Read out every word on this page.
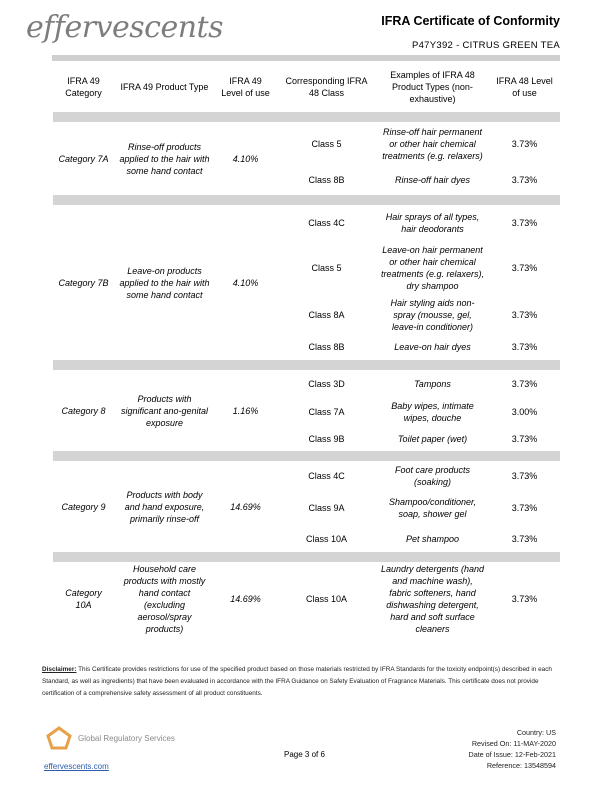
effervescents	IFRA Certificate of Conformity
P47Y392 - CITRUS GREEN TEA
IFRA 49 Category	IFRA 49 Product Type	IFRA 49 Level of use	Corresponding IFRA 48 Class	Examples of IFRA 48 Product Types (non-exhaustive)	IFRA 48 Level of use

Category 7A	Rinse-off products applied to the hair with some hand contact	4.10%	Class 5	Rinse-off hair permanent or other hair chemical treatments (e.g. relaxers)	3.73%
			Class 8B	Rinse-off hair dyes	3.73%

Category 7B	Leave-on products applied to the hair with some hand contact	4.10%	Class 4C	Hair sprays of all types, hair deodorants	3.73%
			Class 5	Leave-on hair permanent or other hair chemical treatments (e.g. relaxers), dry shampoo	3.73%
			Class 8A	Hair styling aids non-spray (mousse, gel, leave-in conditioner)	3.73%
			Class 8B	Leave-on hair dyes	3.73%

Category 8	Products with significant ano-genital exposure	1.16%	Class 3D	Tampons	3.73%
			Class 7A	Baby wipes, intimate wipes, douche	3.00%
			Class 9B	Toilet paper (wet)	3.73%

Category 9	Products with body and hand exposure, primarily rinse-off	14.69%	Class 4C	Foot care products (soaking)	3.73%
			Class 9A	Shampoo/conditioner, soap, shower gel	3.73%
			Class 10A	Pet shampoo	3.73%

Category 10A	Household care products with mostly hand contact (excluding aerosol/spray products)	14.69%	Class 10A	Laundry detergents (hand and machine wash), fabric softeners, hand dishwashing detergent, hard and soft surface cleaners	3.73%
Disclaimer: This Certificate provides restrictions for use of the specified product based on those materials restricted by IFRA Standards for the toxicity endpoint(s) described in each Standard, as well as ingredients) that have been evaluated in accordance with the IFRA Guidance on Safety Evaluation of Fragrance Materials. This certificate does not provide certification of a comprehensive safety assessment of all product constituents.
Global Regulatory Services
effervescents.com
Page 3 of 6
Country: US
Revised On: 11-MAY-2020
Date of Issue: 12-Feb-2021
Reference: 13548594
